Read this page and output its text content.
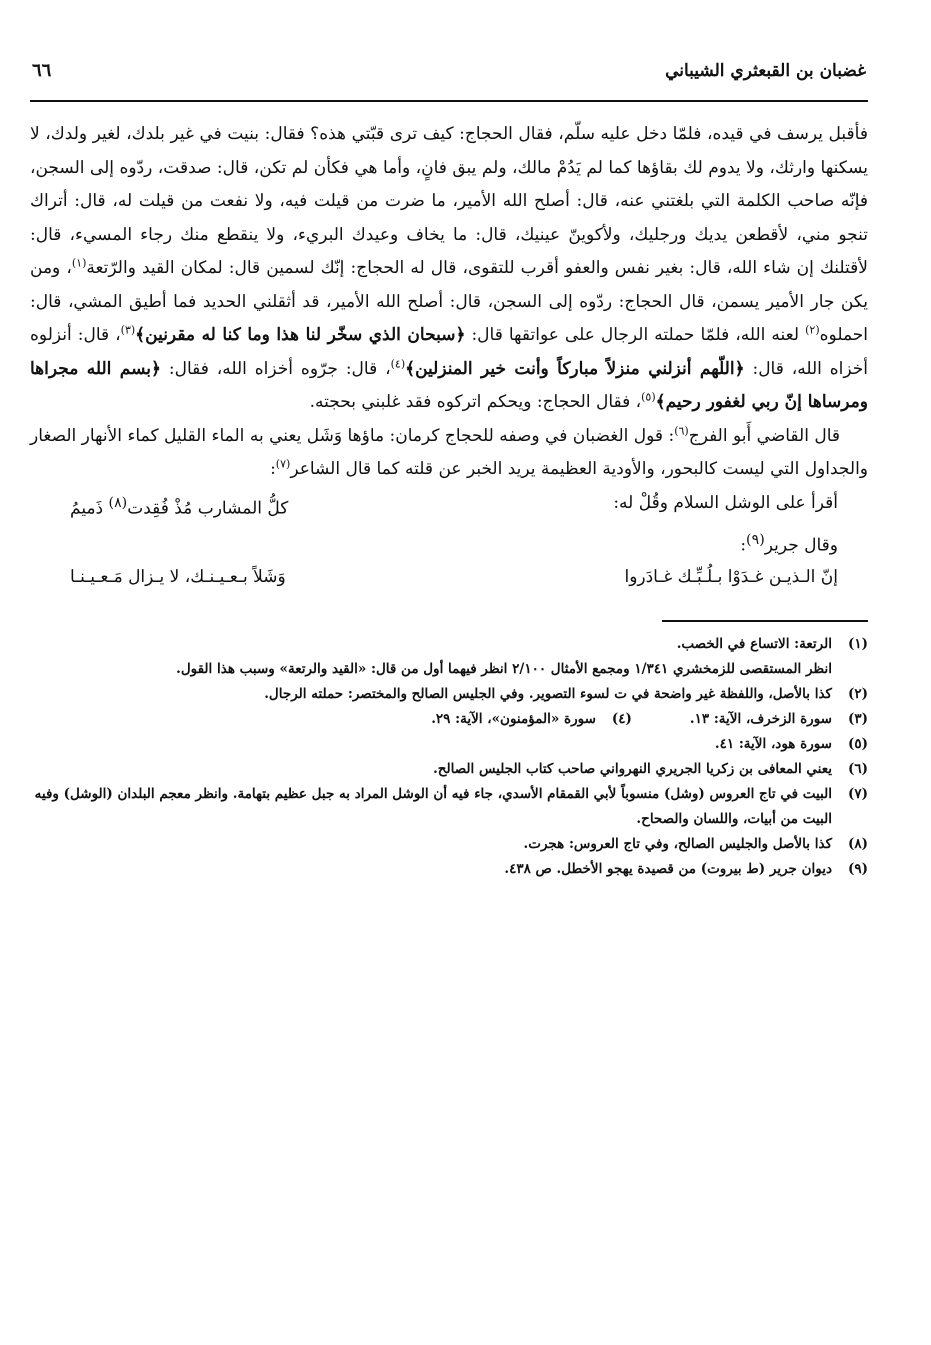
غضبان بن القبعثري الشيباني
٦٦

فأقبل يرسف في قيده، فلمّا دخل عليه سلّم، فقال الحجاج: كيف ترى قبّتي هذه؟ فقال: بنيت في غير بلدك، لغير ولدك، لا يسكنها وارثك، ولا يدوم لك بقاؤها كما لم يَدُمْ مالك، ولم يبق فانٍ، وأما هي فكأن لم تكن، قال: صدقت، ردّوه إلى السجن، فإنّه صاحب الكلمة التي بلغتني عنه، قال: أصلح الله الأمير، ما ضرت من قيلت فيه، ولا نفعت من قيلت له، قال: أتراك تنجو مني، لأقطعن يديك ورجليك، ولأكوينّ عينيك، قال: ما يخاف وعيدك البريء، ولا ينقطع منك رجاء المسيء، قال: لأقتلنك إن شاء الله، قال: بغير نفس والعفو أقرب للتقوى، قال له الحجاج: إنّك لسمين قال: لمكان القيد والرّتعة$^{(١)}$، ومن يكن جار الأمير يسمن، قال الحجاج: ردّوه إلى السجن، قال: أصلح الله الأمير، قد أثقلني الحديد فما أطيق المشي، قال: احملوه$^{(٢)}$ لعنه الله، فلمّا حملته الرجال على عواتقها قال: ﴿سبحان الذي سخّر لنا هذا وما كنا له مقرنين﴾$^{(٣)}$، قال: أنزلوه أخزاه الله، قال: ﴿اللّهم أنزلني منزلاً مباركاً وأنت خير المنزلين﴾$^{(٤)}$، قال: جرّوه أخزاه الله، فقال: ﴿بسم الله مجراها ومرساها إنّ ربي لغفور رحيم﴾$^{(٥)}$، فقال الحجاج: ويحكم اتركوه فقد غلبني بحجته.

قال القاضي أَبو الفرج$^{(٦)}$: قول الغضبان في وصفه للحجاج كرمان: ماؤها وَشَل يعني به الماء القليل كماء الأنهار الصغار والجداول التي ليست كالبحور، والأودية العظيمة يريد الخبر عن قلته كما قال الشاعر$^{(٧)}$:

أقرأ على الوشل السلام وقُلْ له:
كلُّ المشارب مُذْ فُقِدت$^{(٨)}$ ذَميمُ
وقال جرير$^{(٩)}$:
إنّ الـذيـن غـدَوْا بـلُـبِّـك غـادَروا
وَشَلاً بـعـيـنـك، لا يـزال مَـعـيـنـا
(١)
الرتعة: الاتساع في الخصب.
انظر المستقصى للزمخشري ١/٣٤١ ومجمع الأمثال ٢/١٠٠ انظر فيهما أول من قال: «القيد والرتعة» وسبب هذا القول.
(٢)
كذا بالأصل، واللفظة غير واضحة في ت لسوء التصوير. وفي الجليس الصالح والمختصر: حملته الرجال.
(٣)
سورة الزخرف، الآية: ١٣.
(٤)
سورة «المؤمنون»، الآية: ٢٩.
(٥)
سورة هود، الآية: ٤١.
(٦)
يعني المعافى بن زكريا الجريري النهرواني صاحب كتاب الجليس الصالح.
(٧)
البيت في تاج العروس (وشل) منسوباً لأبي القمقام الأسدي، جاء فيه أن الوشل المراد به جبل عظيم بتهامة. وانظر معجم البلدان (الوشل) وفيه البيت من أبيات، واللسان والصحاح.
(٨)
كذا بالأصل والجليس الصالح، وفي تاج العروس: هجرت.
(٩)
ديوان جرير (ط بيروت) من قصيدة يهجو الأخطل. ص ٤٣٨.
